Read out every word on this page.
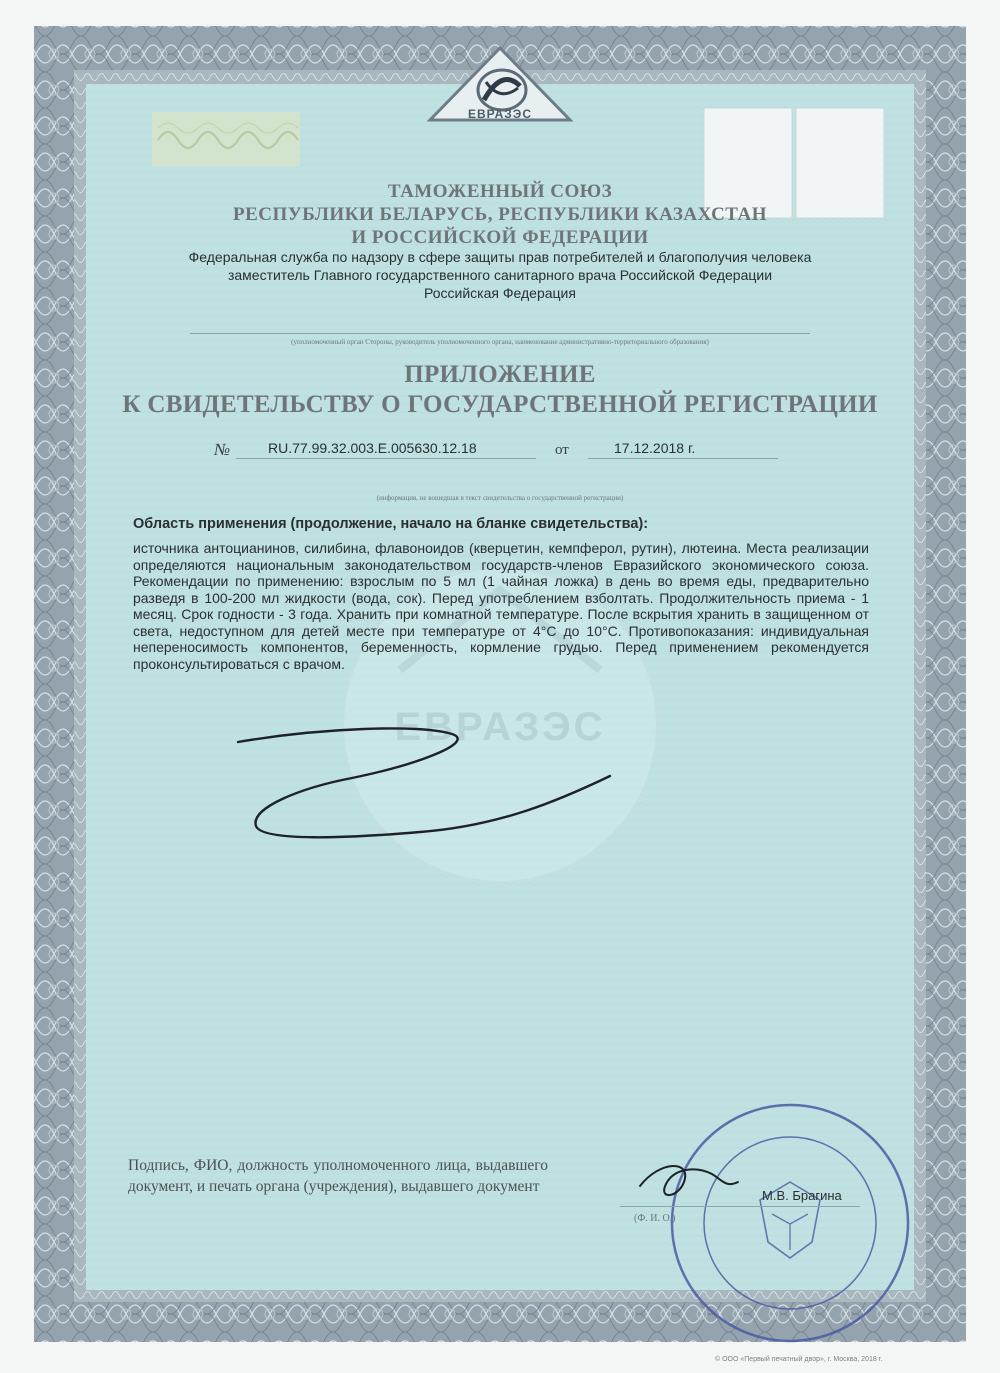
ЕВРАЗЭС
ЕВРАЗЭС
ТАМОЖЕННЫЙ СОЮЗ
РЕСПУБЛИКИ БЕЛАРУСЬ, РЕСПУБЛИКИ КАЗАХСТАН
И РОССИЙСКОЙ ФЕДЕРАЦИИ
Федеральная служба по надзору в сфере защиты прав потребителей и благополучия человека
заместитель Главного государственного санитарного врача Российской Федерации
Российская Федерация
(уполномоченный орган Стороны, руководитель уполномоченного органа, наименование административно-территориального образования)
ПРИЛОЖЕНИЕ
К СВИДЕТЕЛЬСТВУ О ГОСУДАРСТВЕННОЙ РЕГИСТРАЦИИ
№	RU.77.99.32.003.Е.005630.12.18	от	17.12.2018 г.
(информация, не вошедшая в текст свидетельства о государственной регистрации)
Область применения (продолжение, начало на бланке свидетельства):
источника антоцианинов, силибина, флавоноидов (кверцетин, кемпферол, рутин), лютеина. Места реализации определяются национальным законодательством государств-членов Евразийского экономического союза. Рекомендации по применению: взрослым по 5 мл (1 чайная ложка) в день во время еды, предварительно разведя в 100-200 мл жидкости (вода, сок). Перед употреблением взболтать. Продолжительность приема - 1 месяц. Срок годности - 3 года. Хранить при комнатной температуре. После вскрытия хранить в защищенном от света, недоступном для детей месте при температуре от 4°С до 10°С. Противопоказания: индивидуальная непереносимость компонентов, беременность, кормление грудью. Перед применением рекомендуется проконсультироваться с врачом.
Подпись, ФИО, должность уполномоченного лица, выдавшего документ, и печать органа (учреждения), выдавшего документ
М.В. Брагина
(Ф. И. О.)
© ООО «Первый печатный двор», г. Москва, 2018 г.
